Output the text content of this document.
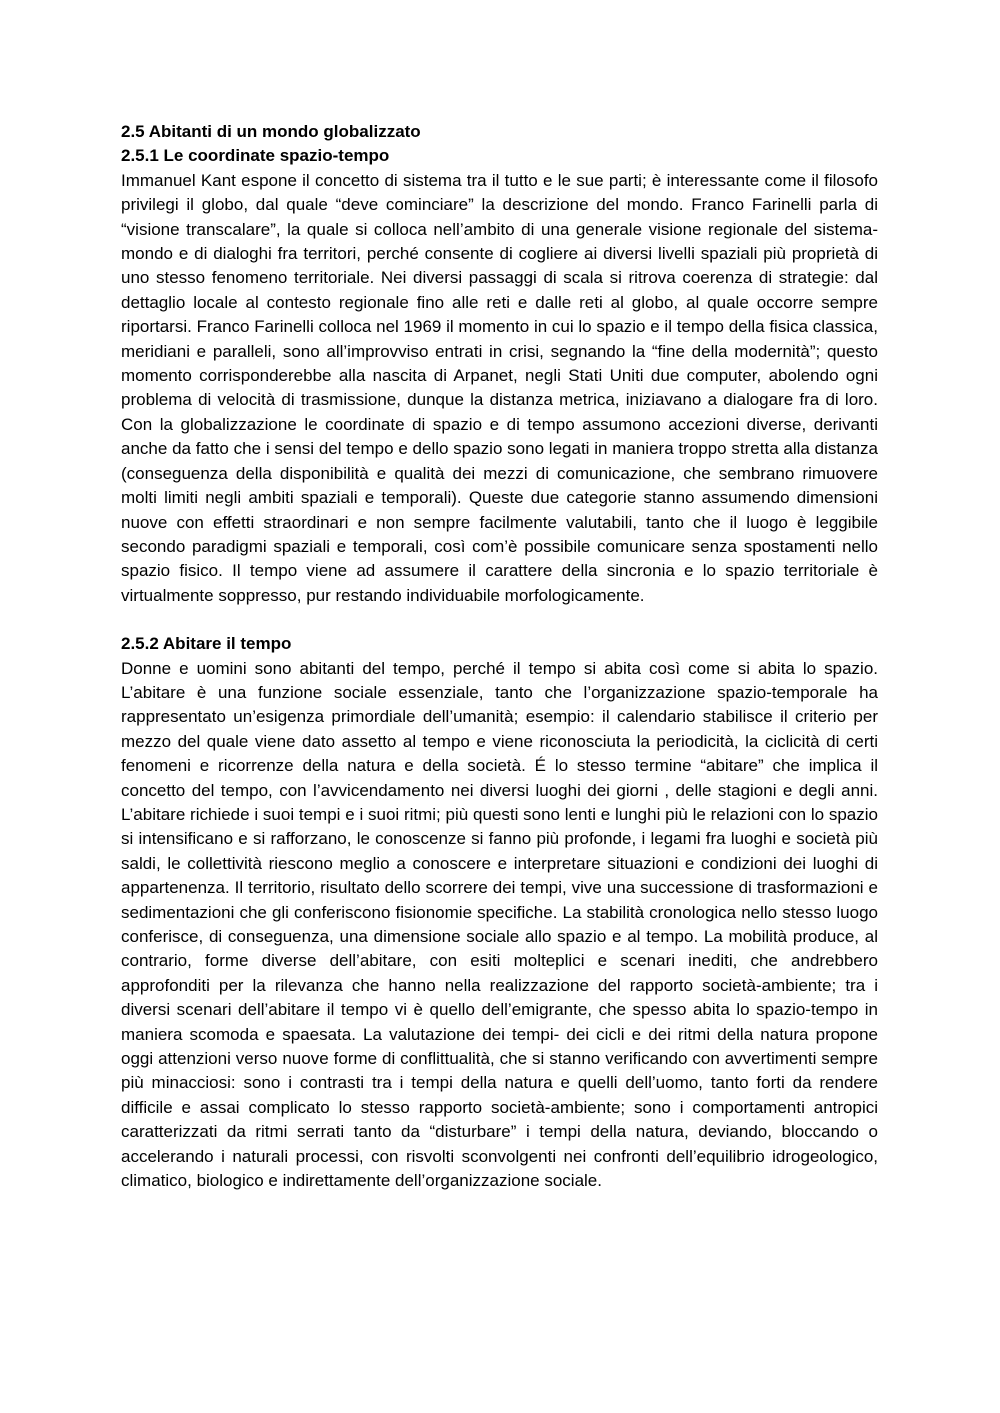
2.5 Abitanti di un mondo globalizzato
2.5.1 Le coordinate spazio-tempo

Immanuel Kant espone il concetto di sistema tra il tutto e le sue parti; è interessante come il filosofo privilegi il globo, dal quale “deve cominciare” la descrizione del mondo. Franco Farinelli parla di “visione transcalare”, la quale si colloca nell’ambito di una generale visione regionale del sistema-mondo e di dialoghi fra territori, perché consente di cogliere ai diversi livelli spaziali più proprietà di uno stesso fenomeno territoriale. Nei diversi passaggi di scala si ritrova coerenza di strategie: dal dettaglio locale al contesto regionale fino alle reti e dalle reti al globo, al quale occorre sempre riportarsi. Franco Farinelli colloca nel 1969 il momento in cui lo spazio e il tempo della fisica classica, meridiani e paralleli, sono all’improvviso entrati in crisi, segnando la “fine della modernità”; questo momento corrisponderebbe alla nascita di Arpanet, negli Stati Uniti due computer, abolendo ogni problema di velocità di trasmissione, dunque la distanza metrica, iniziavano a dialogare fra di loro. Con la globalizzazione le coordinate di spazio e di tempo assumono accezioni diverse, derivanti anche da fatto che i sensi del tempo e dello spazio sono legati in maniera troppo stretta alla distanza (conseguenza della disponibilità e qualità dei mezzi di comunicazione, che sembrano rimuovere molti limiti negli ambiti spaziali e temporali). Queste due categorie stanno assumendo dimensioni nuove con effetti straordinari e non sempre facilmente valutabili, tanto che il luogo è leggibile secondo paradigmi spaziali e temporali, così com’è possibile comunicare senza spostamenti nello spazio fisico. Il tempo viene ad assumere il carattere della sincronia e lo spazio territoriale è virtualmente soppresso, pur restando individuabile morfologicamente.

2.5.2 Abitare il tempo

Donne e uomini sono abitanti del tempo, perché il tempo si abita così come si abita lo spazio. L’abitare è una funzione sociale essenziale, tanto che l’organizzazione spazio-temporale ha rappresentato un’esigenza primordiale dell’umanità; esempio: il calendario stabilisce il criterio per mezzo del quale viene dato assetto al tempo e viene riconosciuta la periodicità, la ciclicità di certi fenomeni e ricorrenze della natura e della società. É lo stesso termine “abitare” che implica il concetto del tempo, con l’avvicendamento nei diversi luoghi dei giorni , delle stagioni e degli anni. L’abitare richiede i suoi tempi e i suoi ritmi; più questi sono lenti e lunghi più le relazioni con lo spazio si intensificano e si rafforzano, le conoscenze si fanno più profonde, i legami fra luoghi e società più saldi, le collettività riescono meglio a conoscere e interpretare situazioni e condizioni dei luoghi di appartenenza. Il territorio, risultato dello scorrere dei tempi, vive una successione di trasformazioni e sedimentazioni che gli conferiscono fisionomie specifiche. La stabilità cronologica nello stesso luogo conferisce, di conseguenza, una dimensione sociale allo spazio e al tempo. La mobilità produce, al contrario, forme diverse dell’abitare, con esiti molteplici e scenari inediti, che andrebbero approfonditi per la rilevanza che hanno nella realizzazione del rapporto società-ambiente; tra i diversi scenari dell’abitare il tempo vi è quello dell’emigrante, che spesso abita lo spazio-tempo in maniera scomoda e spaesata. La valutazione dei tempi- dei cicli e dei ritmi della natura propone oggi attenzioni verso nuove forme di conflittualità, che si stanno verificando con avvertimenti sempre più minacciosi: sono i contrasti tra i tempi della natura e quelli dell’uomo, tanto forti da rendere difficile e assai complicato lo stesso rapporto società-ambiente; sono i comportamenti antropici caratterizzati da ritmi serrati tanto da “disturbare” i tempi della natura, deviando, bloccando o accelerando i naturali processi, con risvolti sconvolgenti nei confronti dell’equilibrio idrogeologico, climatico, biologico e indirettamente dell’organizzazione sociale.
